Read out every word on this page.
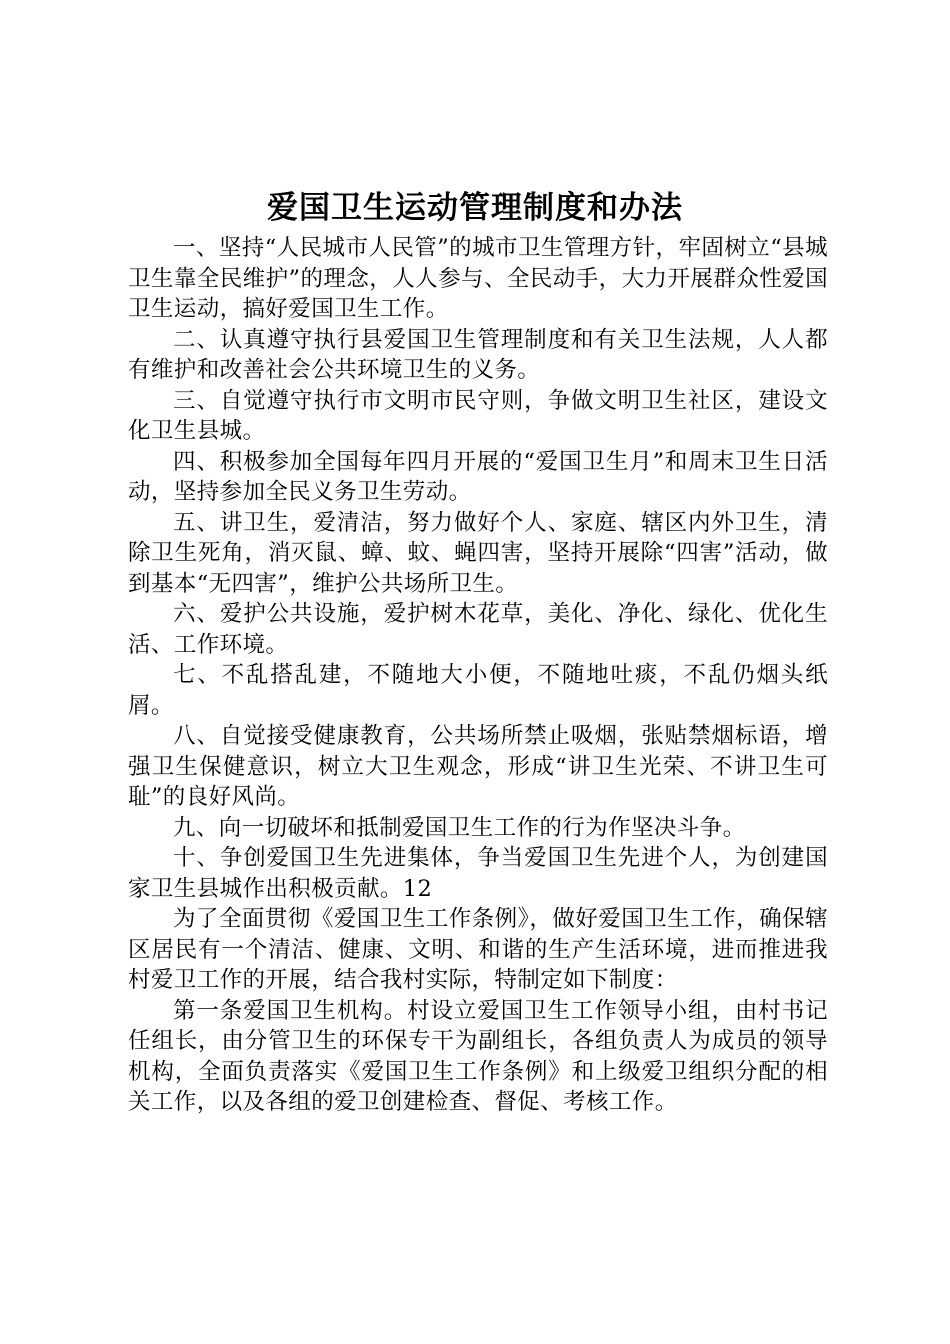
爱国卫生运动管理制度和办法

一、坚持“人民城市人民管”的城市卫生管理方针，牢固树立“县城卫生靠全民维护”的理念，人人参与、全民动手，大力开展群众性爱国卫生运动，搞好爱国卫生工作。

二、认真遵守执行县爱国卫生管理制度和有关卫生法规，人人都有维护和改善社会公共环境卫生的义务。

三、自觉遵守执行市文明市民守则，争做文明卫生社区，建设文化卫生县城。

四、积极参加全国每年四月开展的“爱国卫生月”和周末卫生日活动，坚持参加全民义务卫生劳动。

五、讲卫生，爱清洁，努力做好个人、家庭、辖区内外卫生，清除卫生死角，消灭鼠、蟑、蚊、蝇四害，坚持开展除“四害”活动，做到基本“无四害”，维护公共场所卫生。

六、爱护公共设施，爱护树木花草，美化、净化、绿化、优化生活、工作环境。

七、不乱搭乱建，不随地大小便，不随地吐痰，不乱仍烟头纸屑。

八、自觉接受健康教育，公共场所禁止吸烟，张贴禁烟标语，增强卫生保健意识，树立大卫生观念，形成“讲卫生光荣、不讲卫生可耻”的良好风尚。

九、向一切破坏和抵制爱国卫生工作的行为作坚决斗争。

十、争创爱国卫生先进集体，争当爱国卫生先进个人，为创建国家卫生县城作出积极贡献。12

为了全面贯彻《爱国卫生工作条例》，做好爱国卫生工作，确保辖区居民有一个清洁、健康、文明、和谐的生产生活环境，进而推进我村爱卫工作的开展，结合我村实际，特制定如下制度：

第一条爱国卫生机构。村设立爱国卫生工作领导小组，由村书记任组长，由分管卫生的环保专干为副组长，各组负责人为成员的领导机构，全面负责落实《爱国卫生工作条例》和上级爱卫组织分配的相关工作，以及各组的爱卫创建检查、督促、考核工作。
